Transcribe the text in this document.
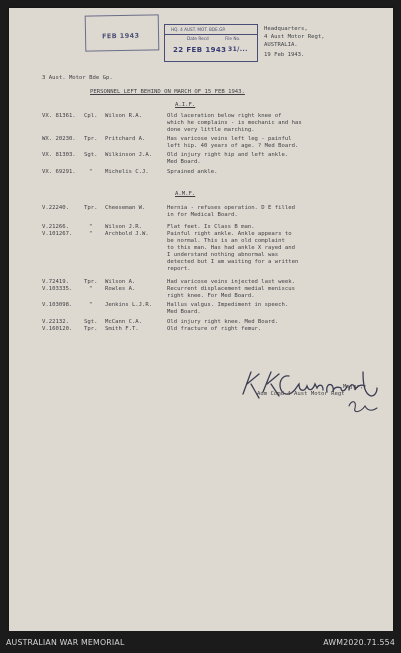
FEB 1943
HQ. 4 AUST. MOT. BDE.GP.
Date Recd	File No.
22 FEB 1943 31/...
Headquarters,
4 Aust Motor Regt,
AUSTRALIA.
19 Feb 1943.
3 Aust. Motor Bde Gp.
PERSONNEL LEFT BEHIND ON MARCH OF 15 FEB 1943.
A.I.F.
VX. 81361. Cpl. Wilson R.A.	Old laceration below right knee of
which he complains - is mechanic and has
done very little marching.
WX. 20230. Tpr. Pritchard A.	Has varicose veins left leg - painful
left hip. 40 years of age. ? Med Board.
VX. 81303. Sgt. Wilkinson J.A.	Old injury right hip and left ankle.
Med Board.
VX. 69291. " Michelis C.J.	Sprained ankle.
A.M.F.
V.22240.	Tpr. Cheeseman W.	Hernia - refuses operation. D E filled
in for Medical Board.
V.21266.	" Wilson J.R.	Flat feet. Is Class B man.
V.101267.	" Archbold J.W.	Painful right ankle. Ankle appears to
be normal. This is an old complaint
to this man. Has had ankle X rayed and
I understand nothing abnormal was
detected but I am waiting for a written
report.
V.72419.	Tpr. Wilson A.	Had varicose veins injected last week.
V.103335.	" Rowles A.	Recurrent displacement medial meniscus
right knee. For Med Board.
V.103098.	" Jenkins L.J.R.	Hallus valgus. Impediment in speech.
Med Board.
V.22132.	Sgt. McCann C.A.	Old injury right knee. Med Board.
V.160120. Tpr. Smith F.T.	Old fracture of right femur.
Major,
Adm Comd 4 Aust Motor Regt
AUSTRALIAN WAR MEMORIAL	AWM2020.71.554
